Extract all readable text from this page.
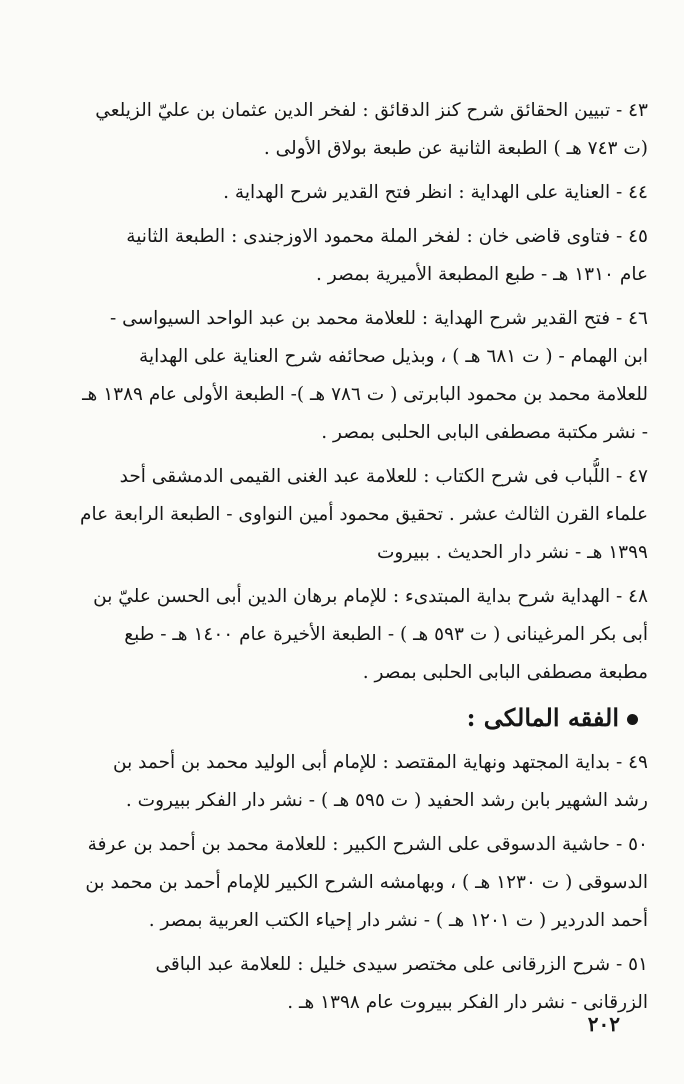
٤٣ - تبيين الحقائق شرح كنز الدقائق : لفخر الدين عثمان بن عليّ الزيلعي
(ت ٧٤٣ هـ ) الطبعة الثانية عن طبعة بولاق الأولى .
٤٤ - العناية على الهداية : انظر فتح القدير شرح الهداية .
٤٥ - فتاوى قاضى خان : لفخر الملة محمود الاوزجندى : الطبعة الثانية
عام ١٣١٠ هـ - طبع المطبعة الأميرية بمصر .
٤٦ - فتح القدير شرح الهداية : للعلامة محمد بن عبد الواحد السيواسى -
ابن الهمام - ( ت ٦٨١ هـ ) ، وبذيل صحائفه شرح العناية على الهداية
للعلامة محمد بن محمود البابرتى ( ت ٧٨٦ هـ )- الطبعة الأولى عام ١٣٨٩ هـ
- نشر مكتبة مصطفى البابى الحلبى بمصر .
٤٧ - اللُّباب فى شرح الكتاب : للعلامة عبد الغنى القيمى الدمشقى أحد
علماء القرن الثالث عشر . تحقيق محمود أمين النواوى - الطبعة الرابعة عام
١٣٩٩ هـ - نشر دار الحديث . ببيروت
٤٨ - الهداية شرح بداية المبتدىء : للإمام برهان الدين أبى الحسن عليّ بن
أبى بكر المرغينانى ( ت ٥٩٣ هـ ) - الطبعة الأخيرة عام ١٤٠٠ هـ - طبع
مطبعة مصطفى البابى الحلبى بمصر .
الفقه المالكى :
٤٩ - بداية المجتهد ونهاية المقتصد : للإمام أبى الوليد محمد بن أحمد بن
رشد الشهير بابن رشد الحفيد ( ت ٥٩٥ هـ ) - نشر دار الفكر ببيروت .
٥٠ - حاشية الدسوقى على الشرح الكبير : للعلامة محمد بن أحمد بن عرفة
الدسوقى ( ت ١٢٣٠ هـ ) ، وبهامشه الشرح الكبير للإمام أحمد بن محمد بن
أحمد الدردير ( ت ١٢٠١ هـ ) - نشر دار إحياء الكتب العربية بمصر .
٥١ - شرح الزرقانى على مختصر سيدى خليل : للعلامة عبد الباقى
الزرقانى - نشر دار الفكر ببيروت عام ١٣٩٨ هـ .
٢٠٢
